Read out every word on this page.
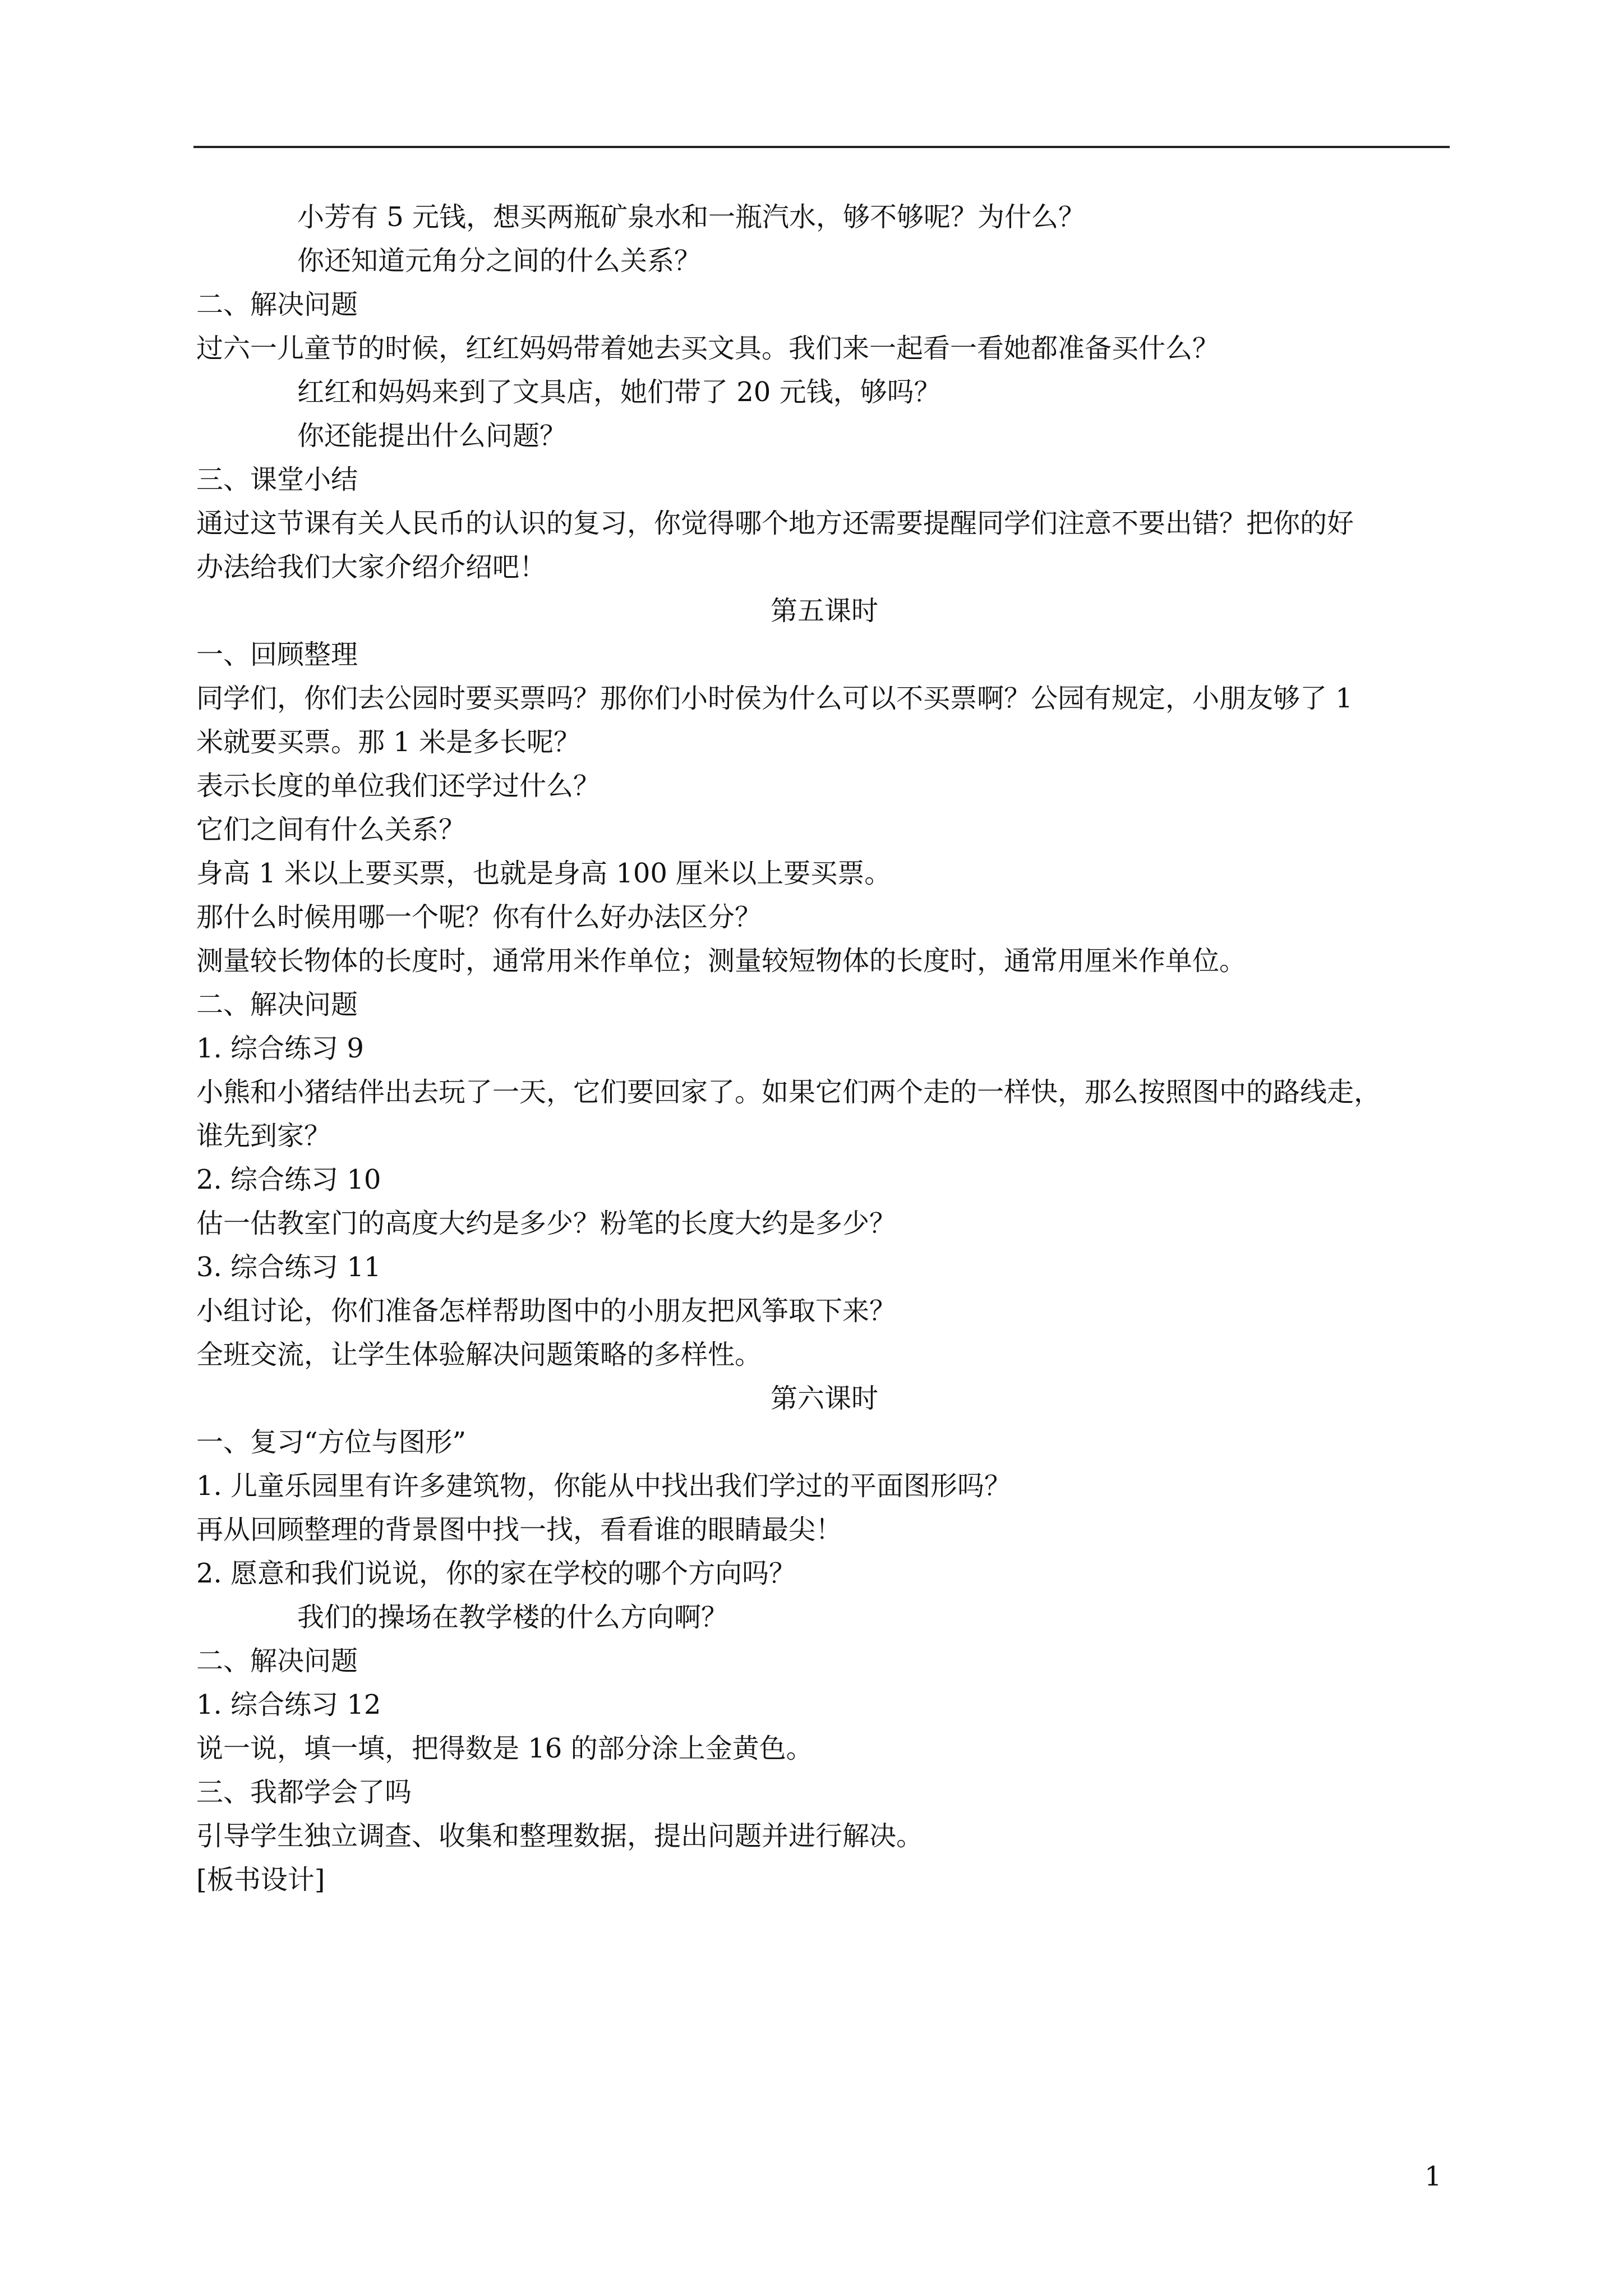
小芳有 5 元钱，想买两瓶矿泉水和一瓶汽水，够不够呢？为什么？
你还知道元角分之间的什么关系？
二、解决问题
过六一儿童节的时候，红红妈妈带着她去买文具。我们来一起看一看她都准备买什么？
红红和妈妈来到了文具店，她们带了 20 元钱，够吗？
你还能提出什么问题？
三、课堂小结
通过这节课有关人民币的认识的复习，你觉得哪个地方还需要提醒同学们注意不要出错？把你的好
办法给我们大家介绍介绍吧！
第五课时
一、回顾整理
同学们，你们去公园时要买票吗？那你们小时侯为什么可以不买票啊？公园有规定，小朋友够了 1
米就要买票。那 1 米是多长呢？
表示长度的单位我们还学过什么？
它们之间有什么关系？
身高 1 米以上要买票，也就是身高 100 厘米以上要买票。
那什么时候用哪一个呢？你有什么好办法区分？
测量较长物体的长度时，通常用米作单位；测量较短物体的长度时，通常用厘米作单位。
二、解决问题
1. 综合练习 9
小熊和小猪结伴出去玩了一天，它们要回家了。如果它们两个走的一样快，那么按照图中的路线走，
谁先到家？
2. 综合练习 10
估一估教室门的高度大约是多少？粉笔的长度大约是多少？
3. 综合练习 11
小组讨论，你们准备怎样帮助图中的小朋友把风筝取下来？
全班交流，让学生体验解决问题策略的多样性。
第六课时
一、复习“方位与图形”
1. 儿童乐园里有许多建筑物，你能从中找出我们学过的平面图形吗？
再从回顾整理的背景图中找一找，看看谁的眼睛最尖！
2. 愿意和我们说说，你的家在学校的哪个方向吗？
我们的操场在教学楼的什么方向啊？
二、解决问题
1. 综合练习 12
说一说，填一填，把得数是 16 的部分涂上金黄色。
三、我都学会了吗
引导学生独立调查、收集和整理数据，提出问题并进行解决。
[板书设计]
1
